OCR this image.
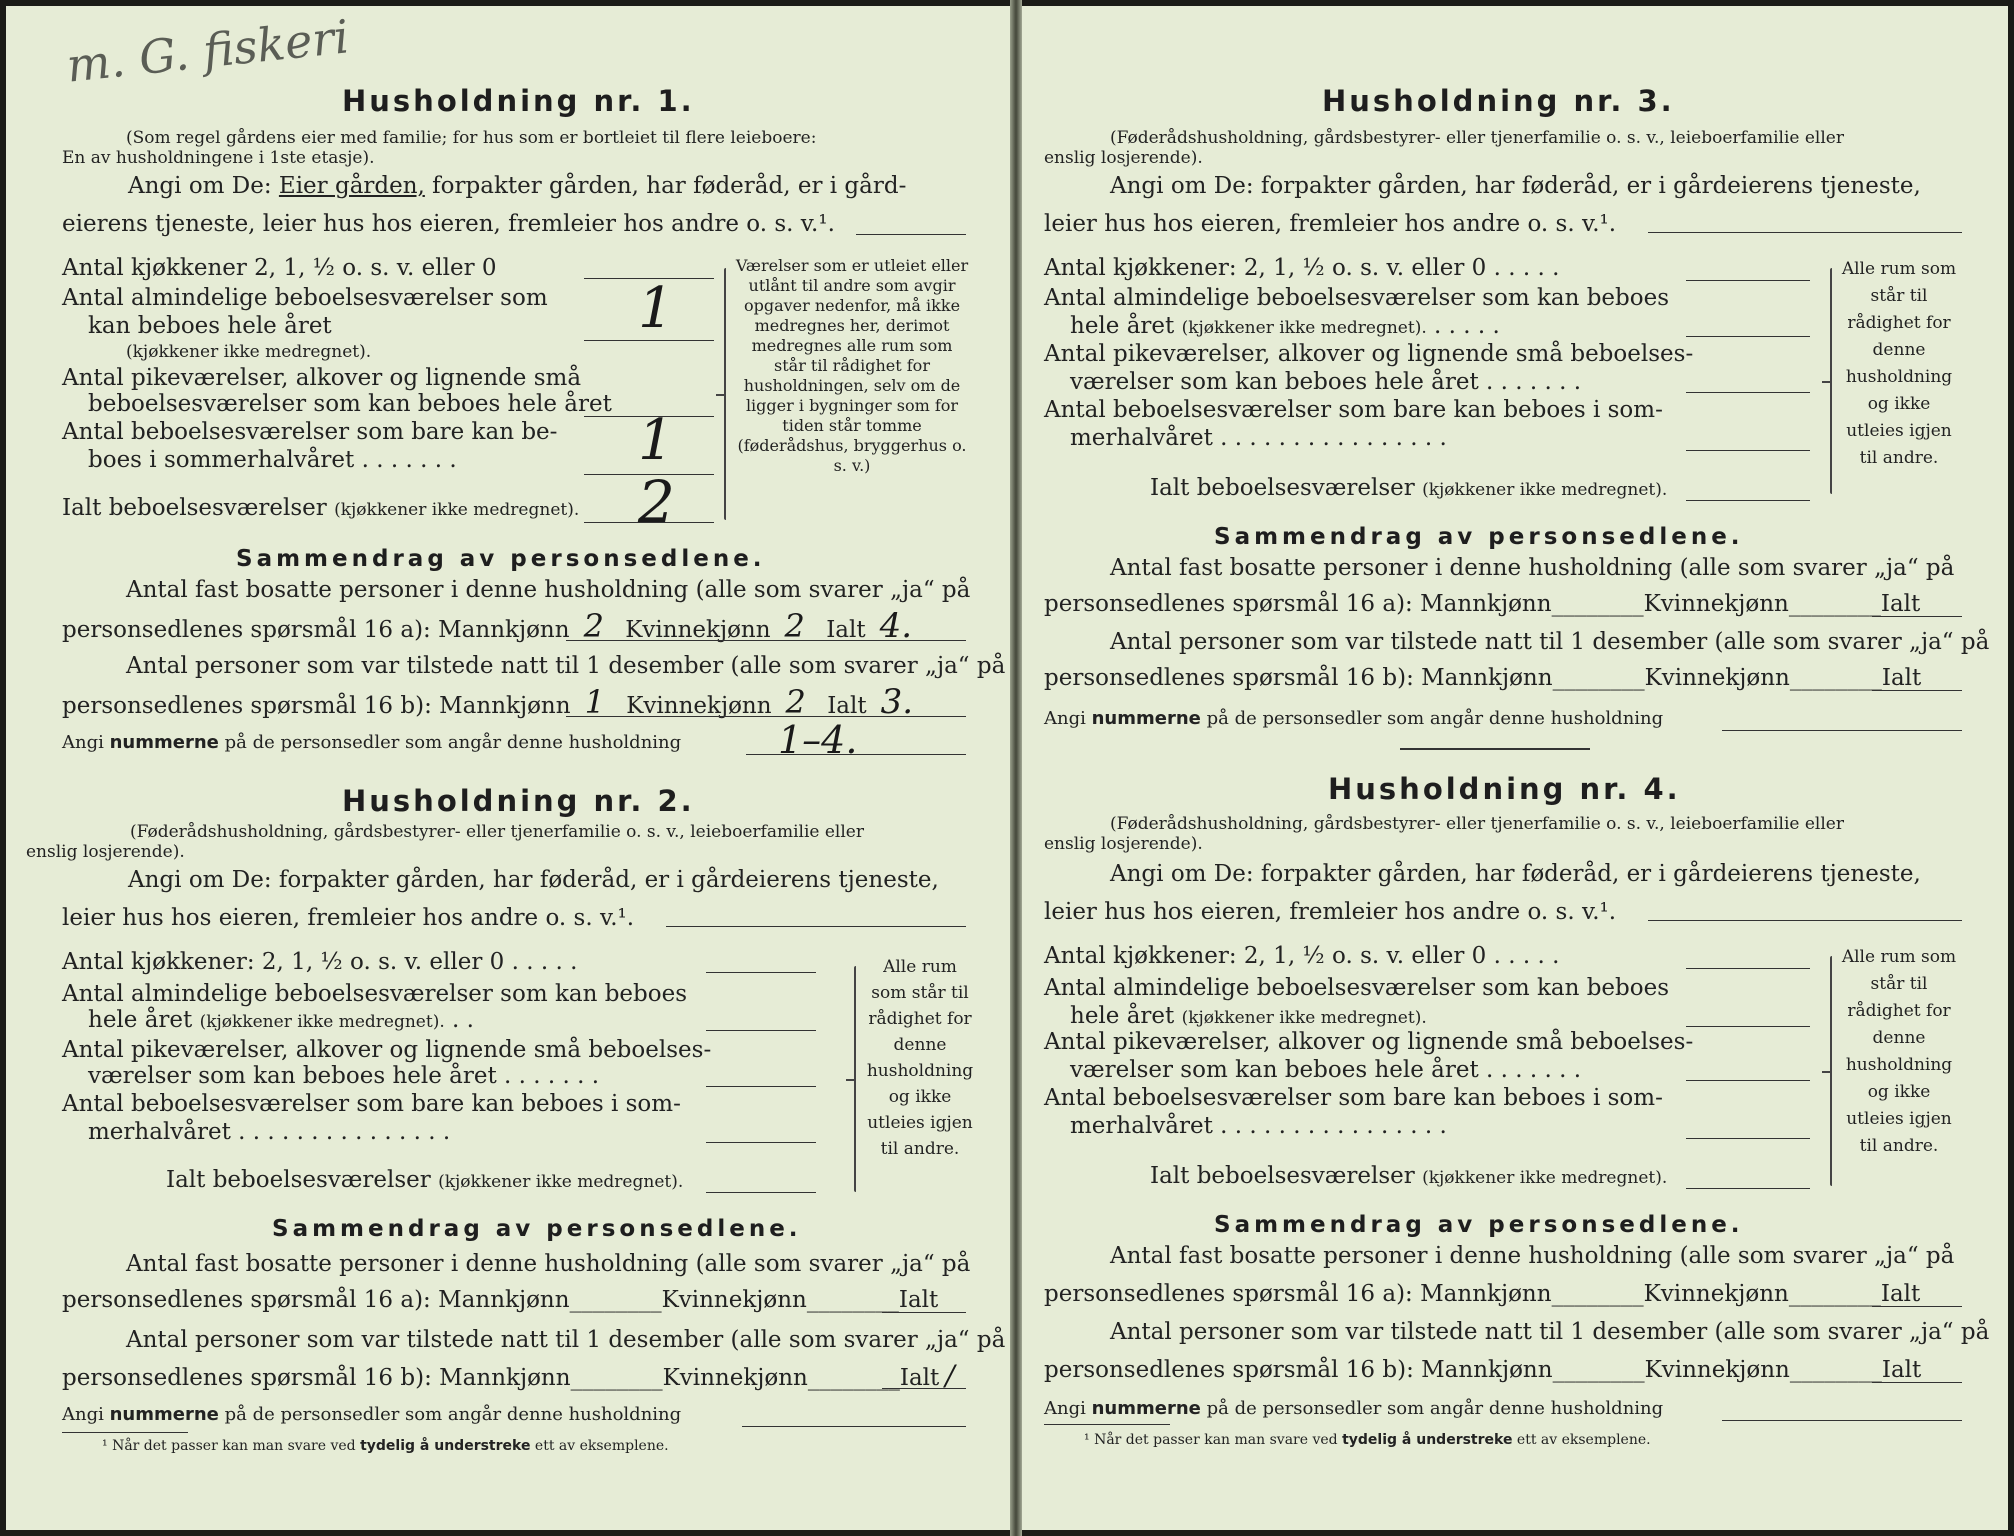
m. G. fiskeri
Husholdning nr. 1.
(Som regel gårdens eier med familie; for hus som er bortleiet til flere leieboere:
En av husholdningene i 1ste etasje).
Angi om De: Eier gården, forpakter gården, har føderåd, er i gård-
eierens tjeneste, leier hus hos eieren, fremleier hos andre o. s. v.¹.
Antal kjøkkener 2, 1, ½ o. s. v. eller 0
Antal almindelige beboelsesværelser som
kan beboes hele året
(kjøkkener ikke medregnet).
1
Antal pikeværelser, alkover og lignende små
beboelsesværelser som kan beboes hele året
Antal beboelsesværelser som bare kan be-
boes i sommerhalvåret . . . . . . .	1
Ialt beboelsesværelser (kjøkkener ikke medregnet). 2
Værelser som er utleiet eller utlånt til andre som avgir opgaver nedenfor, må ikke medregnes her, derimot medregnes alle rum som står til rådighet for husholdningen, selv om de ligger i bygninger som for tiden står tomme (føderådshus, bryggerhus o. s. v.)
Sammendrag av personsedlene.
Antal fast bosatte personer i denne husholdning (alle som svarer „ja“ på
personsedlenes spørsmål 16 a): Mannkjønn 2 Kvinnekjønn 2 Ialt 4.
Antal personer som var tilstede natt til 1 desember (alle som svarer „ja“ på
personsedlenes spørsmål 16 b): Mannkjønn 1 Kvinnekjønn 2 Ialt 3.
Angi nummerne på de personsedler som angår denne husholdning	1–4.
Husholdning nr. 2.
(Føderådshusholdning, gårdsbestyrer- eller tjenerfamilie o. s. v., leieboerfamilie eller
enslig losjerende).
Angi om De: forpakter gården, har føderåd, er i gårdeierens tjeneste,
leier hus hos eieren, fremleier hos andre o. s. v.¹.
Antal kjøkkener: 2, 1, ½ o. s. v. eller 0 . . . . .
Antal almindelige beboelsesværelser som kan beboes
hele året (kjøkkener ikke medregnet). . .
Antal pikeværelser, alkover og lignende små beboelses-
værelser som kan beboes hele året . . . . . . .
Antal beboelsesværelser som bare kan beboes i som-
merhalvåret . . . . . . . . . . . . . . .
Ialt beboelsesværelser (kjøkkener ikke medregnet).
Alle rum som står til rådighet for denne husholdning og ikke utleies igjen til andre.
Sammendrag av personsedlene.
Antal fast bosatte personer i denne husholdning (alle som svarer „ja“ på
personsedlenes spørsmål 16 a): Mannkjønn________Kvinnekjønn________Ialt
Antal personer som var tilstede natt til 1 desember (alle som svarer „ja“ på
personsedlenes spørsmål 16 b): Mannkjønn________Kvinnekjønn________Ialt /
Angi nummerne på de personsedler som angår denne husholdning
¹ Når det passer kan man svare ved tydelig å understreke ett av eksemplene.
Husholdning nr. 3.
(Føderådshusholdning, gårdsbestyrer- eller tjenerfamilie o. s. v., leieboerfamilie eller
enslig losjerende).
Angi om De: forpakter gården, har føderåd, er i gårdeierens tjeneste,
leier hus hos eieren, fremleier hos andre o. s. v.¹.
Antal kjøkkener: 2, 1, ½ o. s. v. eller 0 . . . . .
Antal almindelige beboelsesværelser som kan beboes
hele året (kjøkkener ikke medregnet). . . . . .
Antal pikeværelser, alkover og lignende små beboelses-
værelser som kan beboes hele året . . . . . . .
Antal beboelsesværelser som bare kan beboes i som-
merhalvåret . . . . . . . . . . . . . . . .
Ialt beboelsesværelser (kjøkkener ikke medregnet).
Alle rum som står til rådighet for denne husholdning og ikke utleies igjen til andre.
Sammendrag av personsedlene.
Antal fast bosatte personer i denne husholdning (alle som svarer „ja“ på
personsedlenes spørsmål 16 a): Mannkjønn________Kvinnekjønn________Ialt
Antal personer som var tilstede natt til 1 desember (alle som svarer „ja“ på
personsedlenes spørsmål 16 b): Mannkjønn________Kvinnekjønn________Ialt
Angi nummerne på de personsedler som angår denne husholdning
Husholdning nr. 4.
(Føderådshusholdning, gårdsbestyrer- eller tjenerfamilie o. s. v., leieboerfamilie eller
enslig losjerende).
Angi om De: forpakter gården, har føderåd, er i gårdeierens tjeneste,
leier hus hos eieren, fremleier hos andre o. s. v.¹.
Antal kjøkkener: 2, 1, ½ o. s. v. eller 0 . . . . .
Antal almindelige beboelsesværelser som kan beboes
hele året (kjøkkener ikke medregnet).
Antal pikeværelser, alkover og lignende små beboelses-
værelser som kan beboes hele året . . . . . . .
Antal beboelsesværelser som bare kan beboes i som-
merhalvåret . . . . . . . . . . . . . . . .
Ialt beboelsesværelser (kjøkkener ikke medregnet).
Alle rum som står til rådighet for denne husholdning og ikke utleies igjen til andre.
Sammendrag av personsedlene.
Antal fast bosatte personer i denne husholdning (alle som svarer „ja“ på
personsedlenes spørsmål 16 a): Mannkjønn________Kvinnekjønn________Ialt
Antal personer som var tilstede natt til 1 desember (alle som svarer „ja“ på
personsedlenes spørsmål 16 b): Mannkjønn________Kvinnekjønn________Ialt
Angi nummerne på de personsedler som angår denne husholdning
¹ Når det passer kan man svare ved tydelig å understreke ett av eksemplene.
